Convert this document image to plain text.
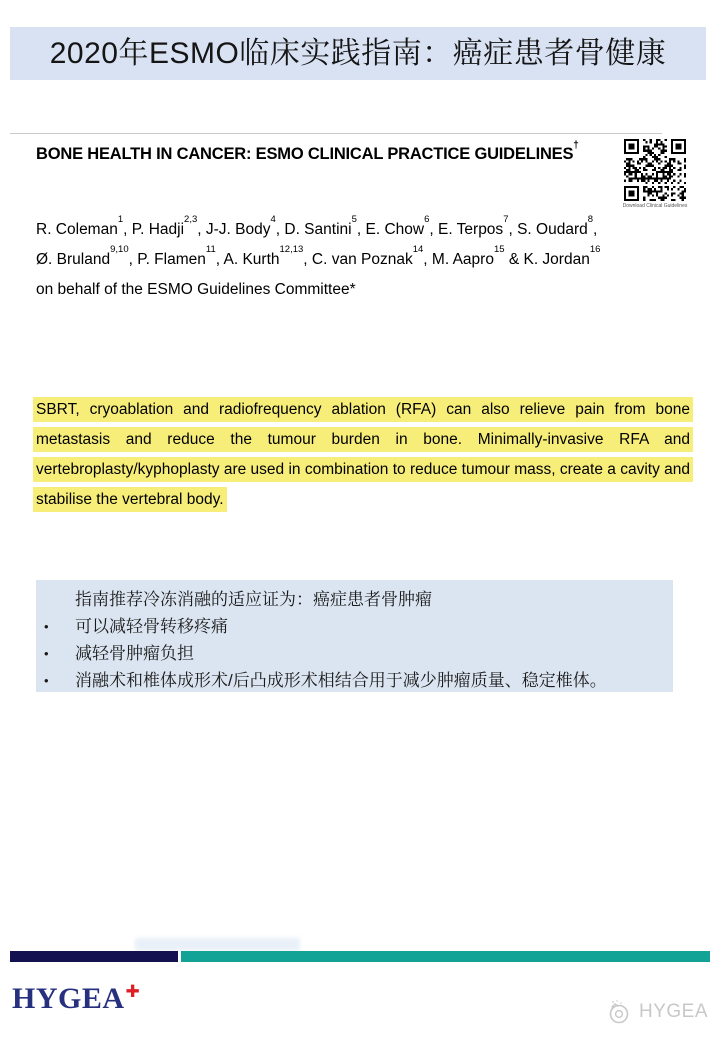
2020年ESMO临床实践指南：癌症患者骨健康
BONE HEALTH IN CANCER: ESMO CLINICAL PRACTICE GUIDELINES†
Download Clinical Guidelines
R. Coleman$^1$, P. Hadji$^{2,3}$, J-J. Body$^4$, D. Santini$^5$, E. Chow$^6$, E. Terpos$^7$, S. Oudard$^8$,
Ø. Bruland$^{9,10}$, P. Flamen$^{11}$, A. Kurth$^{12,13}$, C. van Poznak$^{14}$, M. Aapro$^{15}$ & K. Jordan$^{16}$
on behalf of the ESMO Guidelines Committee*
SBRT, cryoablation and radiofrequency ablation (RFA) can also relieve pain from bone metastasis and reduce the tumour burden in bone. Minimally-invasive RFA and vertebroplasty/kyphoplasty are used in combination to reduce tumour mass, create a cavity and stabilise the vertebral body.
指南推荐冷冻消融的适应证为：癌症患者骨肿瘤
•	可以减轻骨转移疼痛
•	减轻骨肿瘤负担
•	消融术和椎体成形术/后凸成形术相结合用于减少肿瘤质量、稳定椎体。
HYGEA✚
HYGEA
